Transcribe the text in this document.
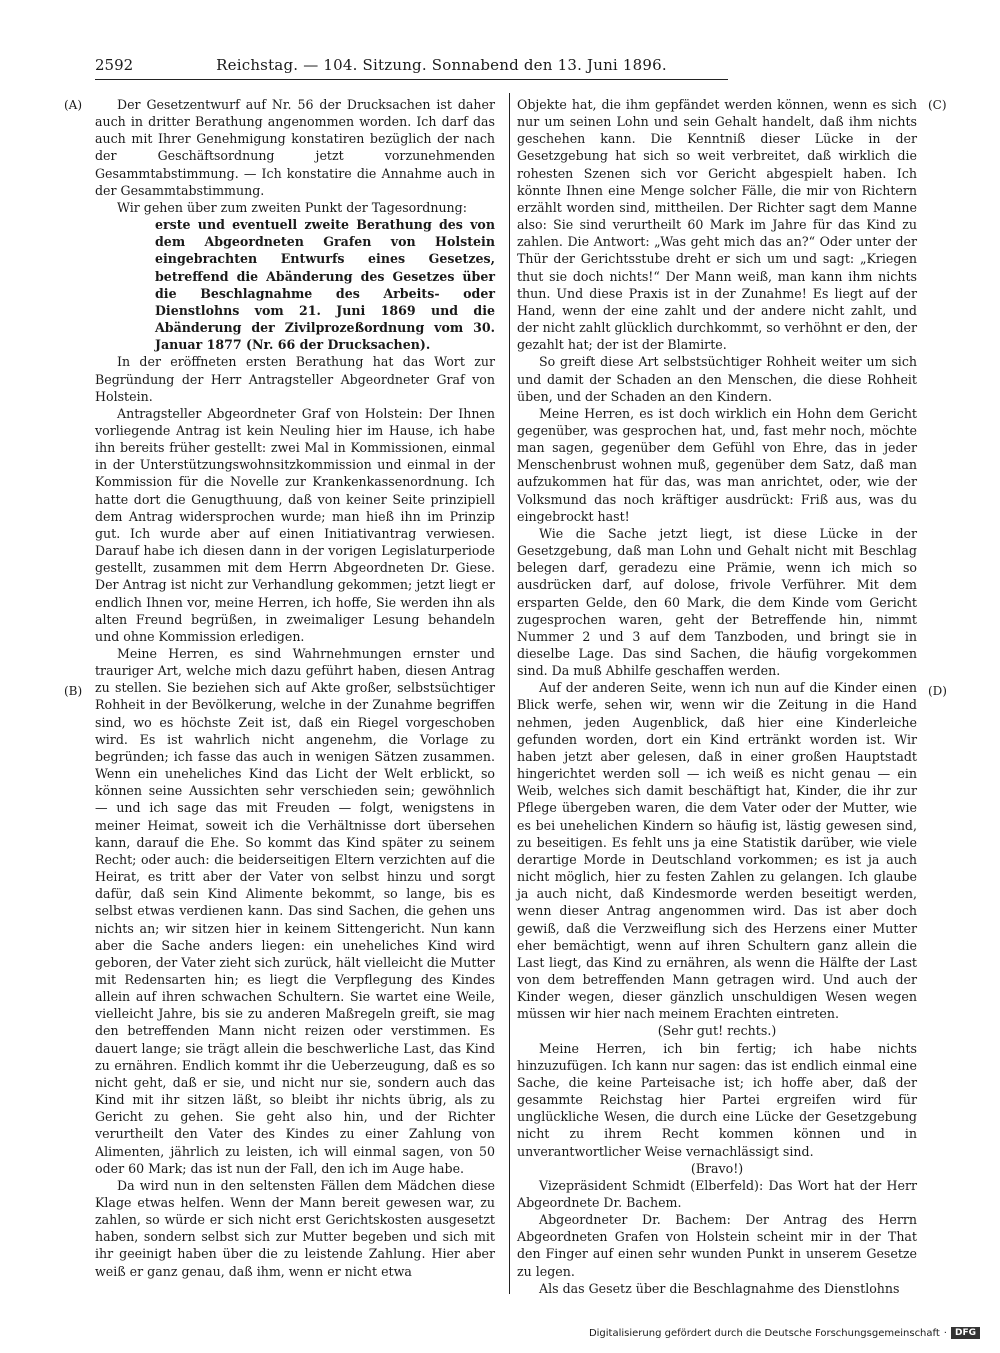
2592	Reichstag. — 104. Sitzung. Sonnabend den 13. Juni 1896.
(A)
(B)
(C)
(D)

Der Gesetzentwurf auf Nr. 56 der Drucksachen ist daher auch in dritter Berathung angenommen worden. Ich darf das auch mit Ihrer Genehmigung konstatiren bezüglich der nach der Geschäftsordnung jetzt vorzunehmenden Gesammtabstimmung. — Ich konstatire die Annahme auch in der Gesammtabstimmung.

Wir gehen über zum zweiten Punkt der Tagesordnung:

erste und eventuell zweite Berathung des von dem Abgeordneten Grafen von Holstein eingebrachten Entwurfs eines Gesetzes, betreffend die Abänderung des Gesetzes über die Beschlagnahme des Arbeits- oder Dienstlohns vom 21. Juni 1869 und die Abänderung der Zivilprozeßordnung vom 30. Januar 1877 (Nr. 66 der Drucksachen).

In der eröffneten ersten Berathung hat das Wort zur Begründung der Herr Antragsteller Abgeordneter Graf von Holstein.

Antragsteller Abgeordneter Graf von Holstein: Der Ihnen vorliegende Antrag ist kein Neuling hier im Hause, ich habe ihn bereits früher gestellt: zwei Mal in Kommissionen, einmal in der Unterstützungswohnsitzkommission und einmal in der Kommission für die Novelle zur Krankenkassenordnung. Ich hatte dort die Genugthuung, daß von keiner Seite prinzipiell dem Antrag widersprochen wurde; man hieß ihn im Prinzip gut. Ich wurde aber auf einen Initiativantrag verwiesen. Darauf habe ich diesen dann in der vorigen Legislaturperiode gestellt, zusammen mit dem Herrn Abgeordneten Dr. Giese. Der Antrag ist nicht zur Verhandlung gekommen; jetzt liegt er endlich Ihnen vor, meine Herren, ich hoffe, Sie werden ihn als alten Freund begrüßen, in zweimaliger Lesung behandeln und ohne Kommission erledigen.

Meine Herren, es sind Wahrnehmungen ernster und trauriger Art, welche mich dazu geführt haben, diesen Antrag zu stellen. Sie beziehen sich auf Akte großer, selbstsüchtiger Rohheit in der Bevölkerung, welche in der Zunahme begriffen sind, wo es höchste Zeit ist, daß ein Riegel vorgeschoben wird. Es ist wahrlich nicht angenehm, die Vorlage zu begründen; ich fasse das auch in wenigen Sätzen zusammen. Wenn ein uneheliches Kind das Licht der Welt erblickt, so können seine Aussichten sehr verschieden sein; gewöhnlich — und ich sage das mit Freuden — folgt, wenigstens in meiner Heimat, soweit ich die Verhältnisse dort übersehen kann, darauf die Ehe. So kommt das Kind später zu seinem Recht; oder auch: die beiderseitigen Eltern verzichten auf die Heirat, es tritt aber der Vater von selbst hinzu und sorgt dafür, daß sein Kind Alimente bekommt, so lange, bis es selbst etwas verdienen kann. Das sind Sachen, die gehen uns nichts an; wir sitzen hier in keinem Sittengericht. Nun kann aber die Sache anders liegen: ein uneheliches Kind wird geboren, der Vater zieht sich zurück, hält vielleicht die Mutter mit Redensarten hin; es liegt die Verpflegung des Kindes allein auf ihren schwachen Schultern. Sie wartet eine Weile, vielleicht Jahre, bis sie zu anderen Maßregeln greift, sie mag den betreffenden Mann nicht reizen oder verstimmen. Es dauert lange; sie trägt allein die beschwerliche Last, das Kind zu ernähren. Endlich kommt ihr die Ueberzeugung, daß es so nicht geht, daß er sie, und nicht nur sie, sondern auch das Kind mit ihr sitzen läßt, so bleibt ihr nichts übrig, als zu Gericht zu gehen. Sie geht also hin, und der Richter verurtheilt den Vater des Kindes zu einer Zahlung von Alimenten, jährlich zu leisten, ich will einmal sagen, von 50 oder 60 Mark; das ist nun der Fall, den ich im Auge habe.

Da wird nun in den seltensten Fällen dem Mädchen diese Klage etwas helfen. Wenn der Mann bereit gewesen war, zu zahlen, so würde er sich nicht erst Gerichtskosten ausgesetzt haben, sondern selbst sich zur Mutter begeben und sich mit ihr geeinigt haben über die zu leistende Zahlung. Hier aber weiß er ganz genau, daß ihm, wenn er nicht etwa

Objekte hat, die ihm gepfändet werden können, wenn es sich nur um seinen Lohn und sein Gehalt handelt, daß ihm nichts geschehen kann. Die Kenntniß dieser Lücke in der Gesetzgebung hat sich so weit verbreitet, daß wirklich die rohesten Szenen sich vor Gericht abgespielt haben. Ich könnte Ihnen eine Menge solcher Fälle, die mir von Richtern erzählt worden sind, mittheilen. Der Richter sagt dem Manne also: Sie sind verurtheilt 60 Mark im Jahre für das Kind zu zahlen. Die Antwort: „Was geht mich das an?“ Oder unter der Thür der Gerichtsstube dreht er sich um und sagt: „Kriegen thut sie doch nichts!“ Der Mann weiß, man kann ihm nichts thun. Und diese Praxis ist in der Zunahme! Es liegt auf der Hand, wenn der eine zahlt und der andere nicht zahlt, und der nicht zahlt glücklich durchkommt, so verhöhnt er den, der gezahlt hat; der ist der Blamirte.

So greift diese Art selbstsüchtiger Rohheit weiter um sich und damit der Schaden an den Menschen, die diese Rohheit üben, und der Schaden an den Kindern.

Meine Herren, es ist doch wirklich ein Hohn dem Gericht gegenüber, was gesprochen hat, und, fast mehr noch, möchte man sagen, gegenüber dem Gefühl von Ehre, das in jeder Menschenbrust wohnen muß, gegenüber dem Satz, daß man aufzukommen hat für das, was man anrichtet, oder, wie der Volksmund das noch kräftiger ausdrückt: Friß aus, was du eingebrockt hast!

Wie die Sache jetzt liegt, ist diese Lücke in der Gesetzgebung, daß man Lohn und Gehalt nicht mit Beschlag belegen darf, geradezu eine Prämie, wenn ich mich so ausdrücken darf, auf dolose, frivole Verführer. Mit dem ersparten Gelde, den 60 Mark, die dem Kinde vom Gericht zugesprochen waren, geht der Betreffende hin, nimmt Nummer 2 und 3 auf dem Tanzboden, und bringt sie in dieselbe Lage. Das sind Sachen, die häufig vorgekommen sind. Da muß Abhilfe geschaffen werden.

Auf der anderen Seite, wenn ich nun auf die Kinder einen Blick werfe, sehen wir, wenn wir die Zeitung in die Hand nehmen, jeden Augenblick, daß hier eine Kinderleiche gefunden worden, dort ein Kind ertränkt worden ist. Wir haben jetzt aber gelesen, daß in einer großen Hauptstadt hingerichtet werden soll — ich weiß es nicht genau — ein Weib, welches sich damit beschäftigt hat, Kinder, die ihr zur Pflege übergeben waren, die dem Vater oder der Mutter, wie es bei unehelichen Kindern so häufig ist, lästig gewesen sind, zu beseitigen. Es fehlt uns ja eine Statistik darüber, wie viele derartige Morde in Deutschland vorkommen; es ist ja auch nicht möglich, hier zu festen Zahlen zu gelangen. Ich glaube ja auch nicht, daß Kindesmorde werden beseitigt werden, wenn dieser Antrag angenommen wird. Das ist aber doch gewiß, daß die Verzweiflung sich des Herzens einer Mutter eher bemächtigt, wenn auf ihren Schultern ganz allein die Last liegt, das Kind zu ernähren, als wenn die Hälfte der Last von dem betreffenden Mann getragen wird. Und auch der Kinder wegen, dieser gänzlich unschuldigen Wesen wegen müssen wir hier nach meinem Erachten eintreten.

(Sehr gut! rechts.)

Meine Herren, ich bin fertig; ich habe nichts hinzuzufügen. Ich kann nur sagen: das ist endlich einmal eine Sache, die keine Parteisache ist; ich hoffe aber, daß der gesammte Reichstag hier Partei ergreifen wird für unglückliche Wesen, die durch eine Lücke der Gesetzgebung nicht zu ihrem Recht kommen können und in unverantwortlicher Weise vernachlässigt sind.

(Bravo!)

Vizepräsident Schmidt (Elberfeld): Das Wort hat der Herr Abgeordnete Dr. Bachem.

Abgeordneter Dr. Bachem: Der Antrag des Herrn Abgeordneten Grafen von Holstein scheint mir in der That den Finger auf einen sehr wunden Punkt in unserem Gesetze zu legen.

Als das Gesetz über die Beschlagnahme des Dienstlohns

Digitalisierung gefördert durch die Deutsche Forschungsgemeinschaft · DFG
